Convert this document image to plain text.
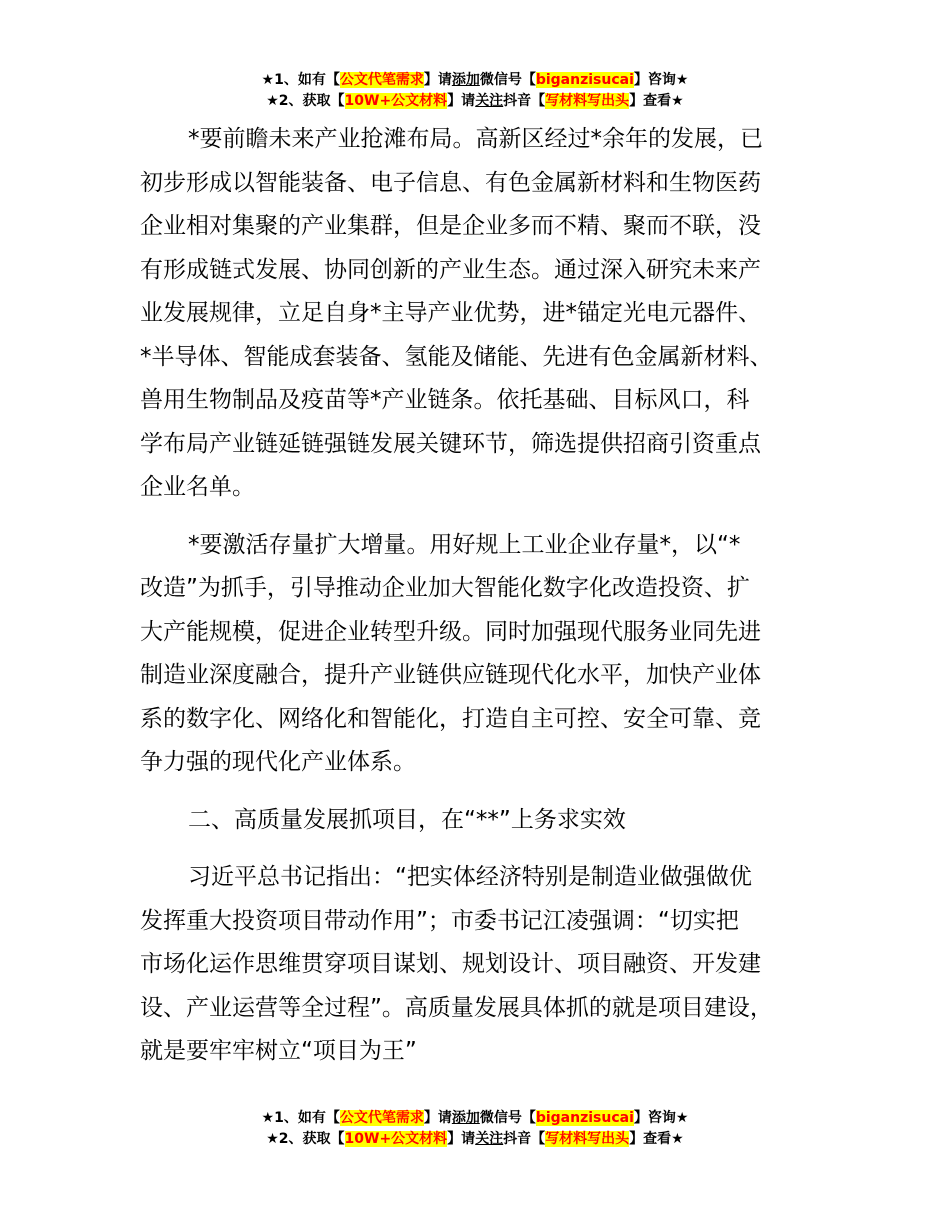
★1、如有【公文代笔需求】请添加微信号【biganzisucai】咨询★
★2、获取【10W+公文材料】请关注抖音【写材料写出头】查看★
*要前瞻未来产业抢滩布局。高新区经过*余年的发展，已
初步形成以智能装备、电子信息、有色金属新材料和生物医药
企业相对集聚的产业集群，但是企业多而不精、聚而不联，没
有形成链式发展、协同创新的产业生态。通过深入研究未来产
业发展规律，立足自身*主导产业优势，进*锚定光电元器件、
*半导体、智能成套装备、氢能及储能、先进有色金属新材料、
兽用生物制品及疫苗等*产业链条。依托基础、目标风口，科
学布局产业链延链强链发展关键环节，筛选提供招商引资重点
企业名单。
*要激活存量扩大增量。用好规上工业企业存量*，以“*
改造”为抓手，引导推动企业加大智能化数字化改造投资、扩
大产能规模，促进企业转型升级。同时加强现代服务业同先进
制造业深度融合，提升产业链供应链现代化水平，加快产业体
系的数字化、网络化和智能化，打造自主可控、安全可靠、竞
争力强的现代化产业体系。
二、高质量发展抓项目，在“**”上务求实效
习近平总书记指出：“把实体经济特别是制造业做强做优
发挥重大投资项目带动作用”；市委书记江凌强调：“切实把
市场化运作思维贯穿项目谋划、规划设计、项目融资、开发建
设、产业运营等全过程”。高质量发展具体抓的就是项目建设，
就是要牢牢树立“项目为王”
★1、如有【公文代笔需求】请添加微信号【biganzisucai】咨询★
★2、获取【10W+公文材料】请关注抖音【写材料写出头】查看★
